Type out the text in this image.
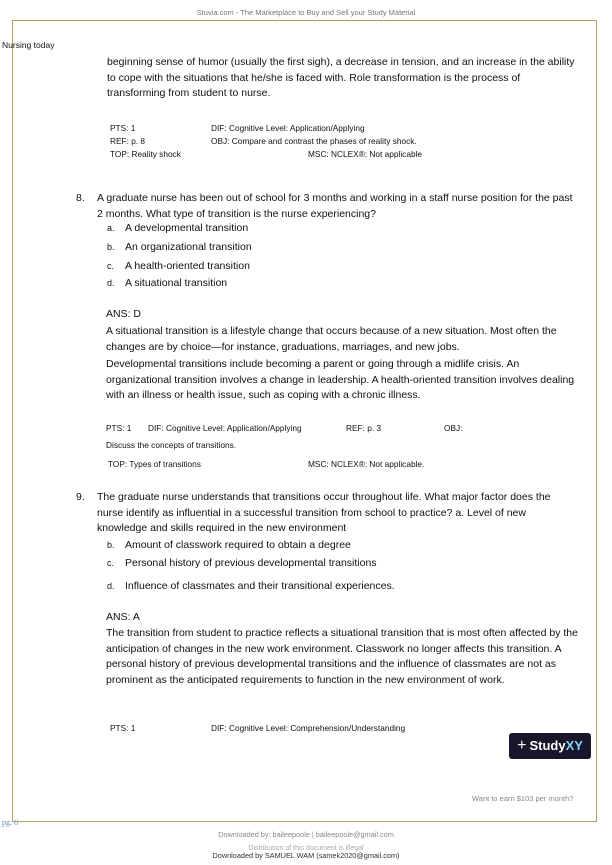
Stuvia.com - The Marketplace to Buy and Sell your Study Material
Nursing today
beginning sense of humor (usually the first sigh), a decrease in tension, and an increase in the ability to cope with the situations that he/she is faced with. Role transformation is the process of transforming from student to nurse.
PTS: 1	DIF: Cognitive Level: Application/Applying
REF: p. 8	OBJ: Compare and contrast the phases of reality shock.
TOP: Reality shock	MSC: NCLEX®: Not applicable
8. A graduate nurse has been out of school for 3 months and working in a staff nurse position for the past 2 months. What type of transition is the nurse experiencing?
a. A developmental transition
b. An organizational transition
c. A health-oriented transition
d. A situational transition
ANS: D
A situational transition is a lifestyle change that occurs because of a new situation. Most often the changes are by choice—for instance, graduations, marriages, and new jobs.
Developmental transitions include becoming a parent or going through a midlife crisis. An organizational transition involves a change in leadership. A health-oriented transition involves dealing with an illness or health issue, such as coping with a chronic illness.
PTS: 1 DIF: Cognitive Level: Application/Applying	REF: p. 3	OBJ:
Discuss the concepts of transitions.
TOP: Types of transitions	MSC: NCLEX®: Not applicable.
9. The graduate nurse understands that transitions occur throughout life. What major factor does the nurse identify as influential in a successful transition from school to practice? a. Level of new knowledge and skills required in the new environment
b. Amount of classwork required to obtain a degree
c. Personal history of previous developmental transitions
d. Influence of classmates and their transitional experiences.
ANS: A
The transition from student to practice reflects a situational transition that is most often affected by the anticipation of changes in the new work environment. Classwork no longer affects this transition. A personal history of previous developmental transitions and the influence of classmates are not as prominent as the anticipated requirements to function in the new environment of work.
PTS: 1	DIF: Cognitive Level: Comprehension/Understanding
+ StudyXY
Want to earn $103 per month?
pg. 6
Downloaded by: baileepoole | baileepoole@gmail.com
Distribution of this document is illegal
Downloaded by SAMUEL WAM (samek2020@gmail.com)
